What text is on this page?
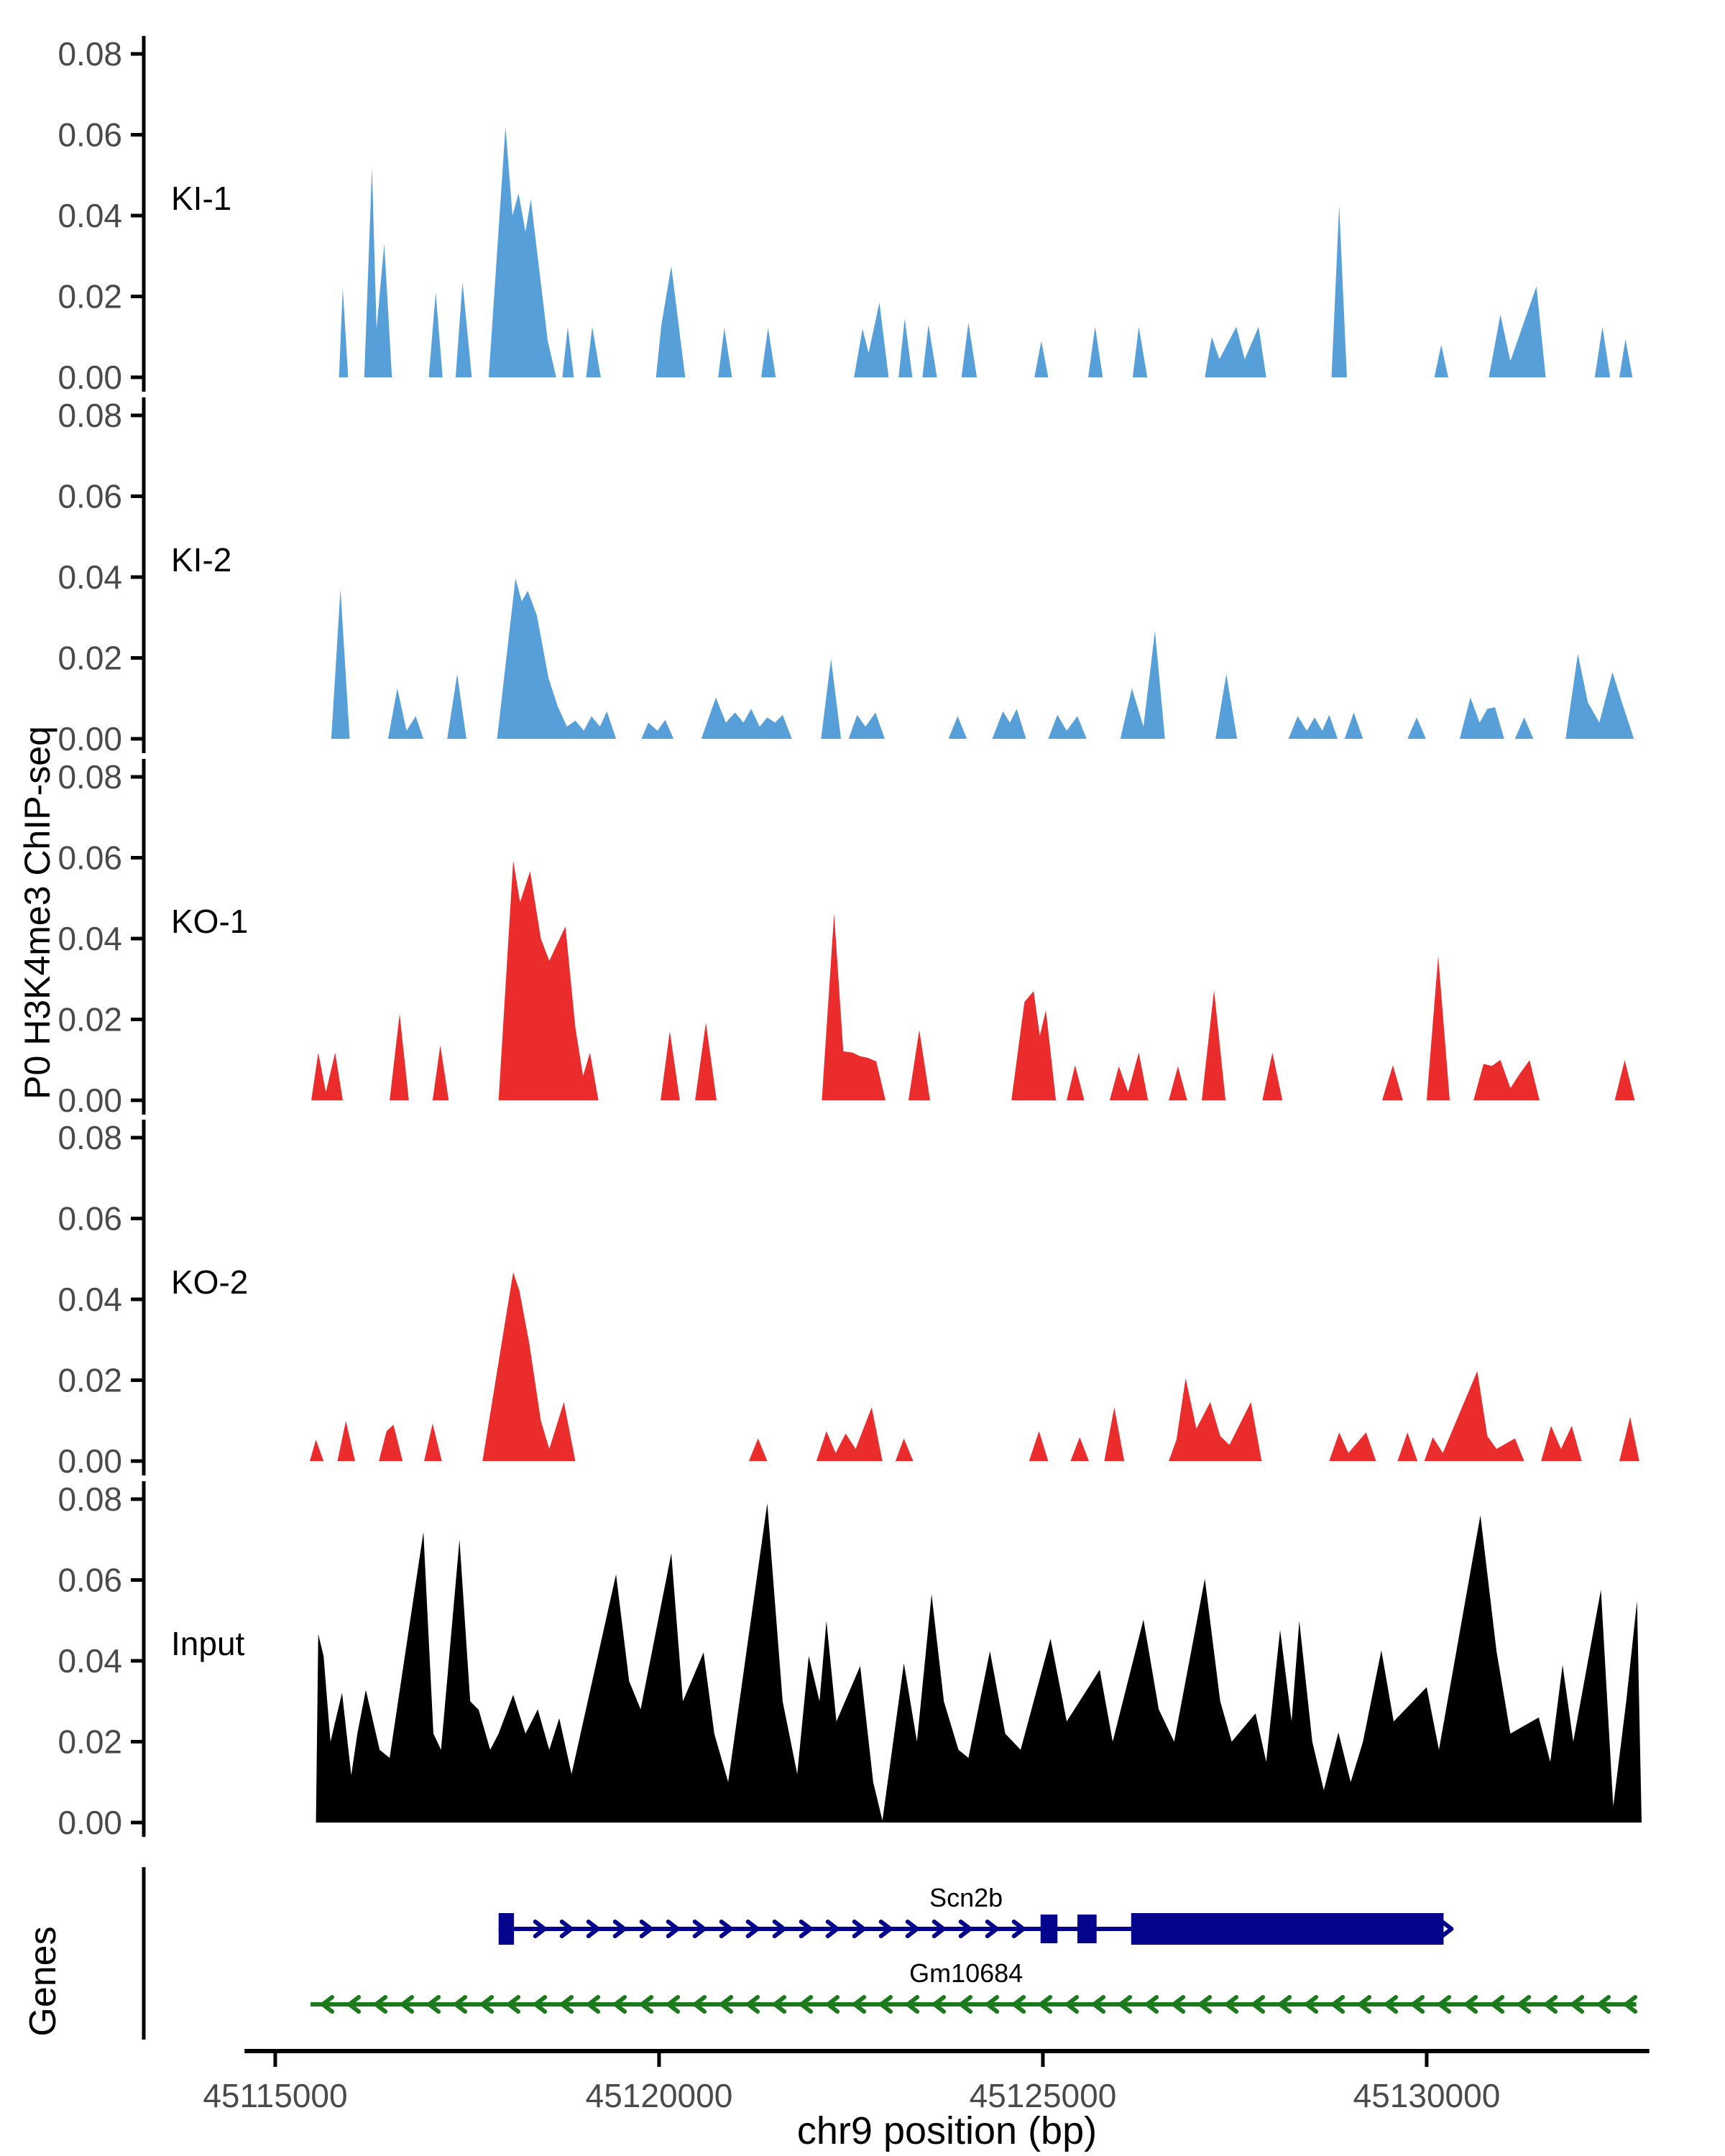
P0 H3K4me3 ChIP-seq
Genes
0.00
0.02
0.04
0.06
0.08
KI-1
0.00
0.02
0.04
0.06
0.08
KI-2
0.00
0.02
0.04
0.06
0.08
KO-1
0.00
0.02
0.04
0.06
0.08
KO-2
0.00
0.02
0.04
0.06
0.08
Input
Scn2b
Gm10684
45115000	45120000	45125000	45130000
chr9 position (bp)
